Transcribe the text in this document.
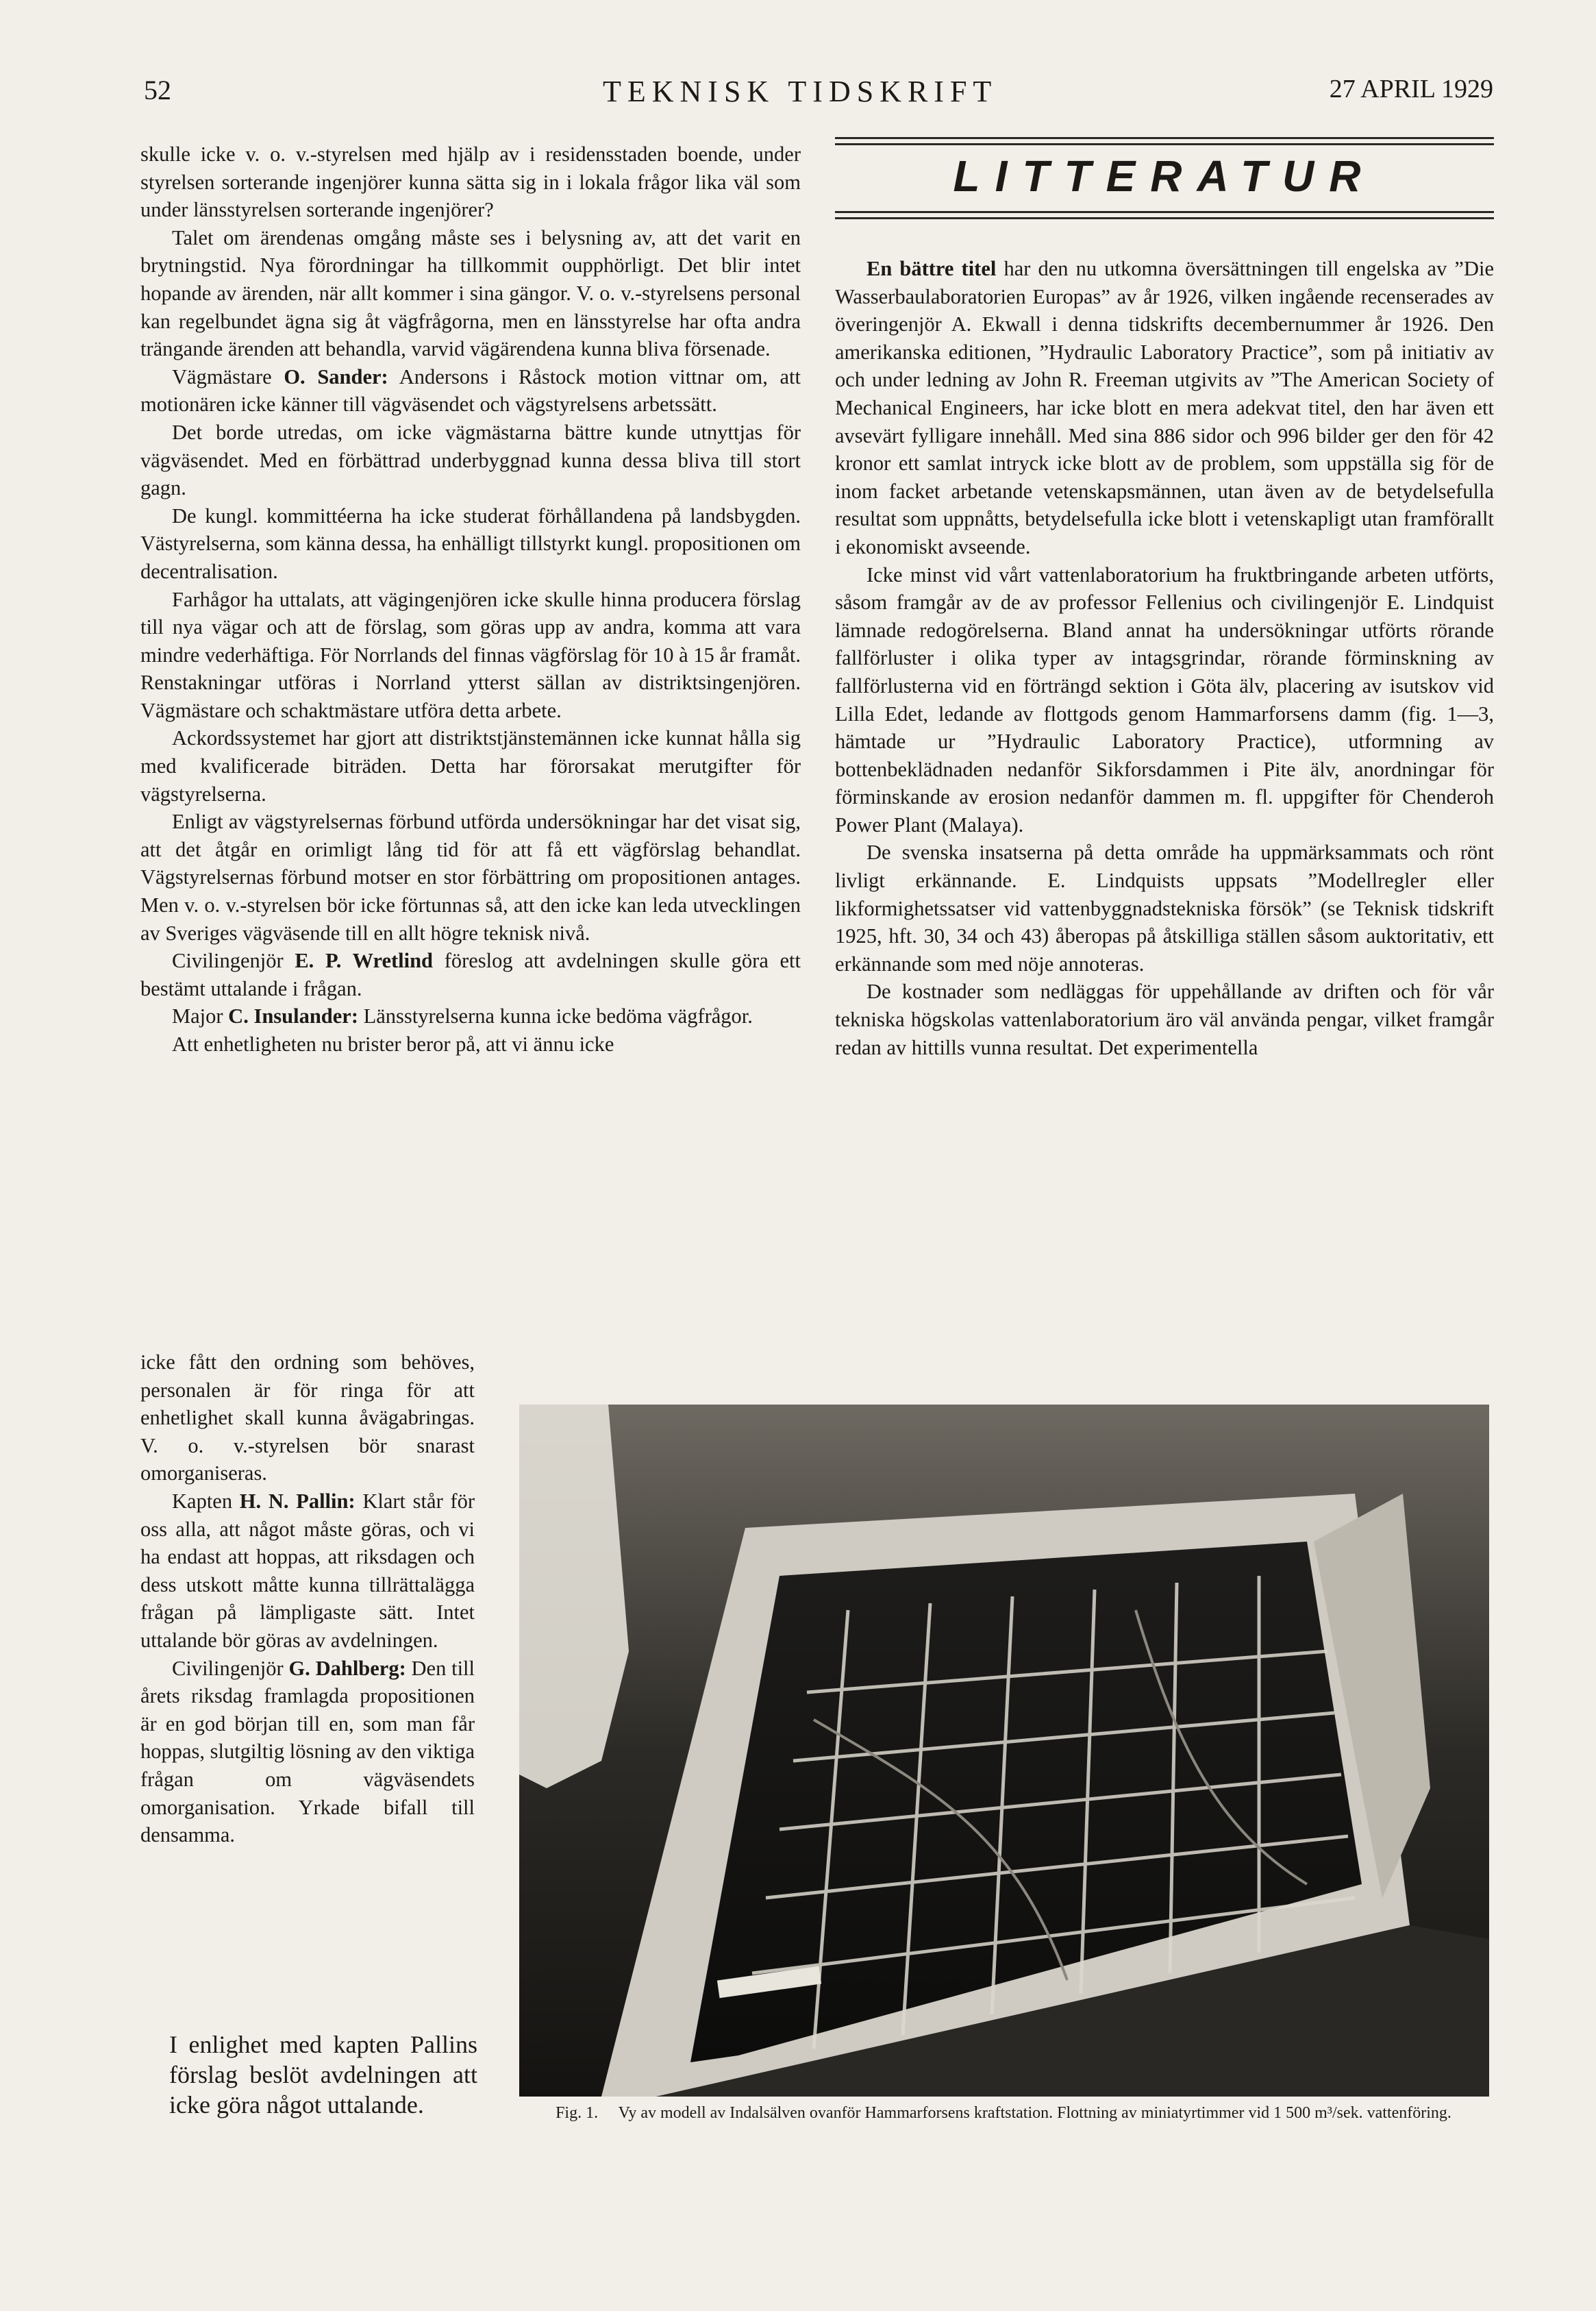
52	TEKNISK TIDSKRIFT	27 APRIL 1929

skulle icke v. o. v.-styrelsen med hjälp av i residensstaden boende, under styrelsen sorterande ingenjörer kunna sätta sig in i lokala frågor lika väl som under länsstyrelsen sorterande ingenjörer?

Talet om ärendenas omgång måste ses i belysning av, att det varit en brytningstid. Nya förordningar ha tillkommit oupphörligt. Det blir intet hopande av ärenden, när allt kommer i sina gängor. V. o. v.-styrelsens personal kan regelbundet ägna sig åt vägfrågorna, men en länsstyrelse har ofta andra trängande ärenden att behandla, varvid vägärendena kunna bliva försenade.

Vägmästare O. Sander: Andersons i Råstock motion vittnar om, att motionären icke känner till vägväsendet och vägstyrelsens arbetssätt.

Det borde utredas, om icke vägmästarna bättre kunde utnyttjas för vägväsendet. Med en förbättrad underbyggnad kunna dessa bliva till stort gagn.

De kungl. kommittéerna ha icke studerat förhållandena på landsbygden. Västyrelserna, som känna dessa, ha enhälligt tillstyrkt kungl. propositionen om decentralisation.

Farhågor ha uttalats, att vägingenjören icke skulle hinna producera förslag till nya vägar och att de förslag, som göras upp av andra, komma att vara mindre vederhäftiga. För Norrlands del finnas vägförslag för 10 à 15 år framåt. Renstakningar utföras i Norrland ytterst sällan av distriktsingenjören. Vägmästare och schaktmästare utföra detta arbete.

Ackordssystemet har gjort att distriktstjänstemännen icke kunnat hålla sig med kvalificerade biträden. Detta har förorsakat merutgifter för vägstyrelserna.

Enligt av vägstyrelsernas förbund utförda undersökningar har det visat sig, att det åtgår en orimligt lång tid för att få ett vägförslag behandlat. Vägstyrelsernas förbund motser en stor förbättring om propositionen antages. Men v. o. v.-styrelsen bör icke förtunnas så, att den icke kan leda utvecklingen av Sveriges vägväsende till en allt högre teknisk nivå.

Civilingenjör E. P. Wretlind föreslog att avdelningen skulle göra ett bestämt uttalande i frågan.

Major C. Insulander: Länsstyrelserna kunna icke bedöma vägfrågor.

Att enhetligheten nu brister beror på, att vi ännu icke

icke fått den ordning som behöves, personalen är för ringa för att enhetlighet skall kunna åvägabringas. V. o. v.-styrelsen bör snarast omorganiseras.

Kapten H. N. Pallin: Klart står för oss alla, att något måste göras, och vi ha endast att hoppas, att riksdagen och dess utskott måtte kunna tillrättalägga frågan på lämpligaste sätt. Intet uttalande bör göras av avdelningen.

Civilingenjör G. Dahlberg: Den till årets riksdag framlagda propositionen är en god början till en, som man får hoppas, slutgiltig lösning av den viktiga frågan om vägväsendets omorganisation. Yrkade bifall till densamma.

I enlighet med kapten Pallins förslag beslöt avdelningen att icke göra något uttalande.
LITTERATUR

En bättre titel har den nu utkomna översättningen till engelska av ”Die Wasserbaulaboratorien Europas” av år 1926, vilken ingående recenserades av överingenjör A. Ekwall i denna tidskrifts decembernummer år 1926. Den amerikanska editionen, ”Hydraulic Laboratory Practice”, som på initiativ av och under ledning av John R. Freeman utgivits av ”The American Society of Mechanical Engineers, har icke blott en mera adekvat titel, den har även ett avsevärt fylligare innehåll. Med sina 886 sidor och 996 bilder ger den för 42 kronor ett samlat intryck icke blott av de problem, som uppställa sig för de inom facket arbetande vetenskapsmännen, utan även av de betydelsefulla resultat som uppnåtts, betydelsefulla icke blott i vetenskapligt utan framförallt i ekonomiskt avseende.

Icke minst vid vårt vattenlaboratorium ha fruktbringande arbeten utförts, såsom framgår av de av professor Fellenius och civilingenjör E. Lindquist lämnade redogörelserna. Bland annat ha undersökningar utförts rörande fallförluster i olika typer av intagsgrindar, rörande förminskning av fallförlusterna vid en förträngd sektion i Göta älv, placering av isutskov vid Lilla Edet, ledande av flottgods genom Hammarforsens damm (fig. 1—3, hämtade ur ”Hydraulic Laboratory Practice), utformning av bottenbeklädnaden nedanför Sikforsdammen i Pite älv, anordningar för förminskande av erosion nedanför dammen m. fl. uppgifter för Chenderoh Power Plant (Malaya).

De svenska insatserna på detta område ha uppmärksammats och rönt livligt erkännande. E. Lindquists uppsats ”Modellregler eller likformighetssatser vid vattenbyggnadstekniska försök” (se Teknisk tidskrift 1925, hft. 30, 34 och 43) åberopas på åtskilliga ställen såsom auktoritativ, ett erkännande som med nöje annoteras.

De kostnader som nedläggas för uppehållande av driften och för vår tekniska högskolas vattenlaboratorium äro väl använda pengar, vilket framgår redan av hittills vunna resultat. Det experimentella

Fig. 1. Vy av modell av Indalsälven ovanför Hammarforsens kraftstation. Flottning av miniatyrtimmer vid 1 500 m³/sek. vattenföring.
